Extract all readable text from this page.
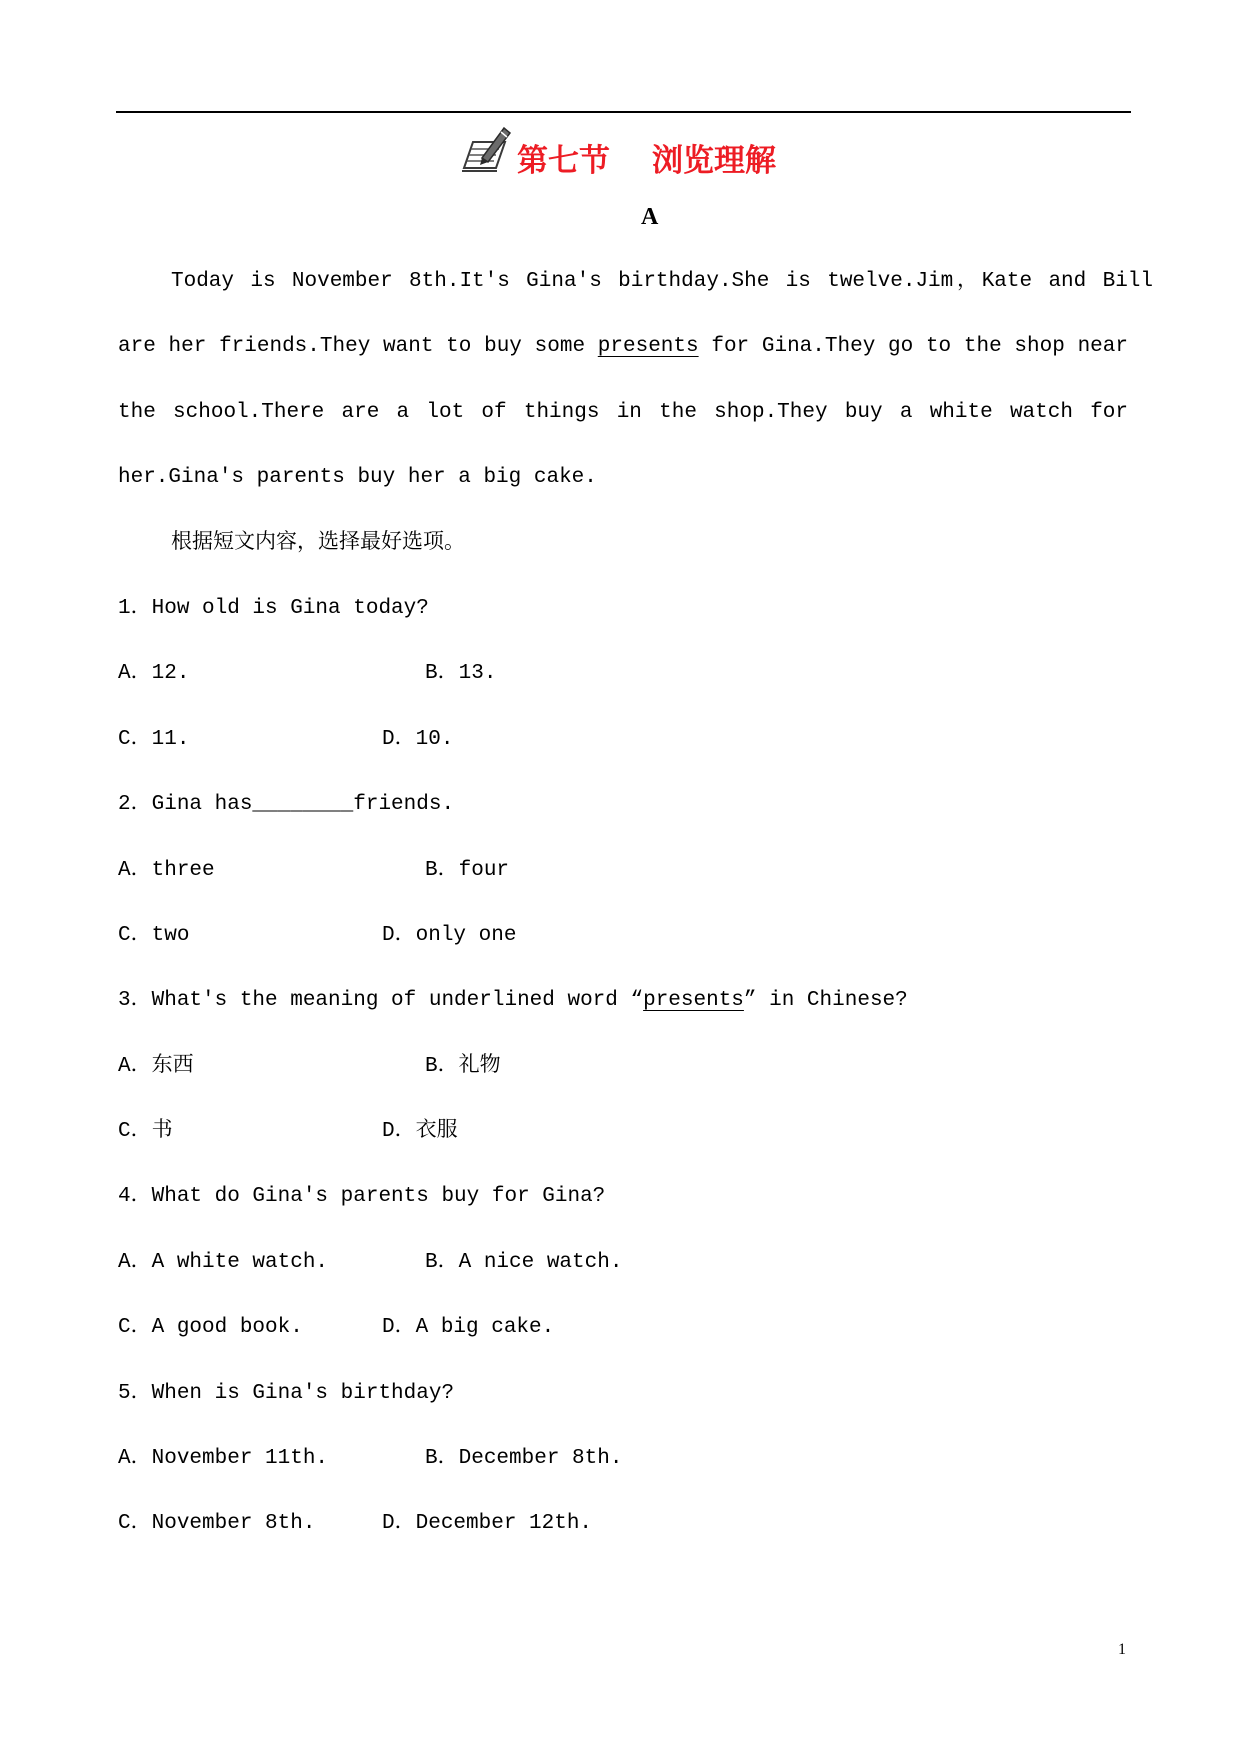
第七节 浏览理解
A
Today is November 8th.It's Gina's birthday.She is twelve.Jim，Kate and Bill
are her friends.They want to buy some presents for Gina.They go to the shop near
the school.There are a lot of things in the shop.They buy a white watch for
her.Gina's parents buy her a big cake.
根据短文内容，选择最好选项。
1．How old is Gina today?
A．12.	B．13.
C．11.	D．10.
2．Gina has________friends.
A．three	B．four
C．two	D．only one
3．What's the meaning of underlined word “presents” in Chinese?
A．东西	B．礼物
C．书	D．衣服
4．What do Gina's parents buy for Gina?
A．A white watch.	B．A nice watch.
C．A good book.	D．A big cake.
5．When is Gina's birthday?
A．November 11th.	B．December 8th.
C．November 8th.	D．December 12th.
1
